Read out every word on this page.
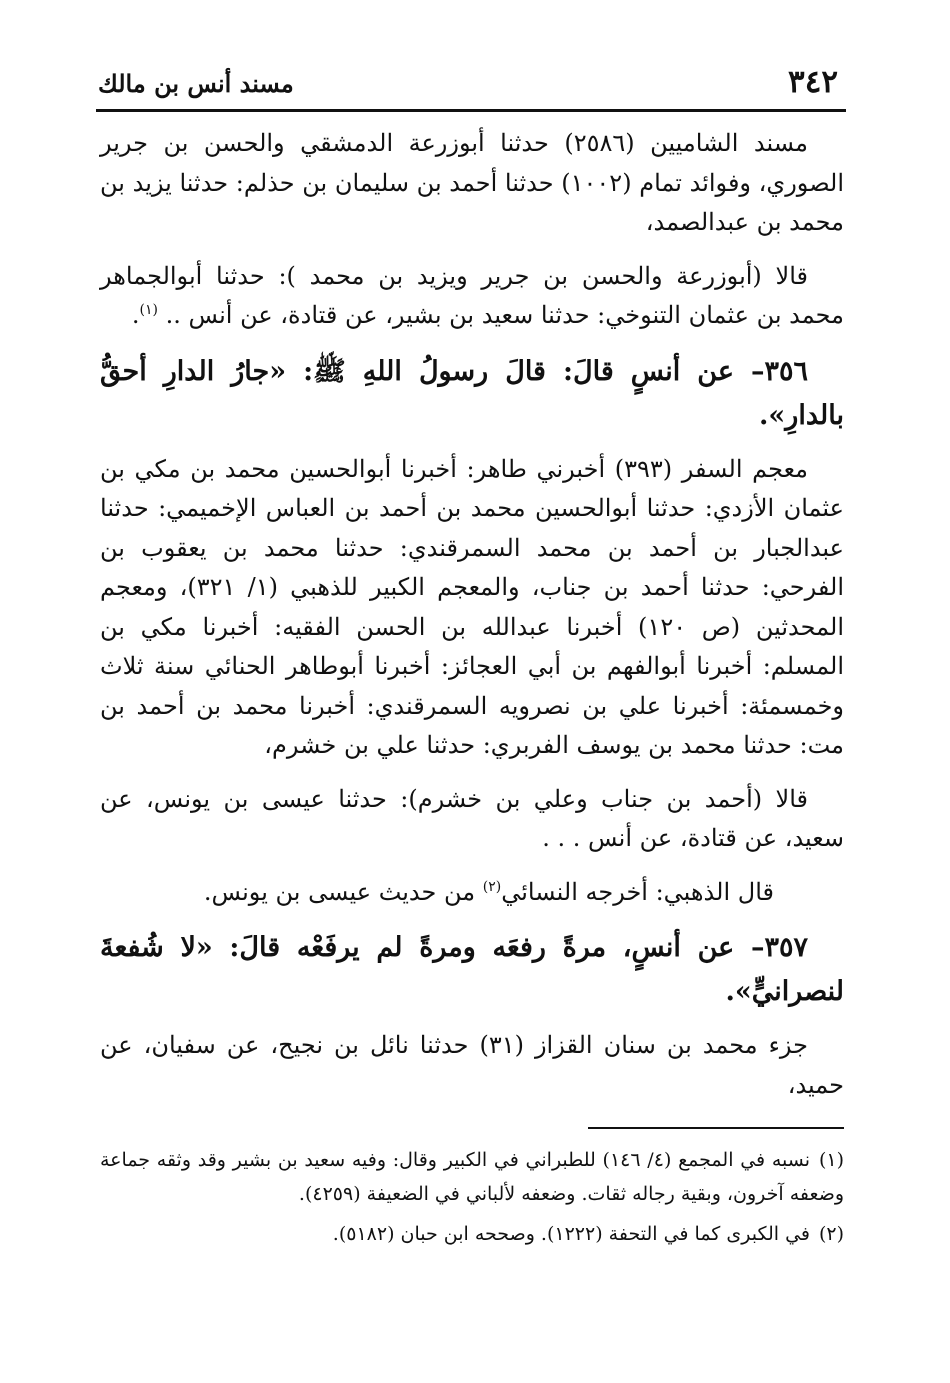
٣٤٢
مسند أنس بن مالك

مسند الشاميين (٢٥٨٦) حدثنا أبوزرعة الدمشقي والحسن بن جرير الصوري، وفوائد تمام (١٠٠٢) حدثنا أحمد بن سليمان بن حذلم: حدثنا يزيد بن محمد بن عبدالصمد،

قالا (أبوزرعة والحسن بن جرير ويزيد بن محمد ): حدثنا أبوالجماهر محمد بن عثمان التنوخي: حدثنا سعيد بن بشير، عن قتادة، عن أنس .. $^{(١)}$.

٣٥٦– عن أنسٍ قالَ: قالَ رسولُ اللهِ ﷺ: «جارُ الدارِ أحقُّ بالدارِ».

معجم السفر (٣٩٣) أخبرني طاهر: أخبرنا أبوالحسين محمد بن مكي بن عثمان الأزدي: حدثنا أبوالحسين محمد بن أحمد بن العباس الإخميمي: حدثنا عبدالجبار بن أحمد بن محمد السمرقندي: حدثنا محمد بن يعقوب بن الفرحي: حدثنا أحمد بن جناب، والمعجم الكبير للذهبي (١/ ٣٢١)، ومعجم المحدثين (ص ١٢٠) أخبرنا عبدالله بن الحسن الفقيه: أخبرنا مكي بن المسلم: أخبرنا أبوالفهم بن أبي العجائز: أخبرنا أبوطاهر الحنائي سنة ثلاث وخمسمئة: أخبرنا علي بن نصرويه السمرقندي: أخبرنا محمد بن أحمد بن مت: حدثنا محمد بن يوسف الفربري: حدثنا علي بن خشرم،

قالا (أحمد بن جناب وعلي بن خشرم): حدثنا عيسى بن يونس، عن سعيد، عن قتادة، عن أنس . . .

قال الذهبي: أخرجه النسائي$^{(٢)}$ من حديث عيسى بن يونس.

٣٥٧– عن أنسٍ، مرةً رفعَه ومرةً لم يرفَعْه قالَ: «لا شُفعةَ لنصرانيٍّ».

جزء محمد بن سنان القزاز (٣١) حدثنا نائل بن نجيح، عن سفيان، عن حميد،

(١)نسبه في المجمع (٤/ ١٤٦) للطبراني في الكبير وقال: وفيه سعيد بن بشير وقد وثقه جماعة وضعفه آخرون، وبقية رجاله ثقات. وضعفه لألباني في الضعيفة (٤٢٥٩).

(٢)في الكبرى كما في التحفة (١٢٢٢). وصححه ابن حبان (٥١٨٢).
